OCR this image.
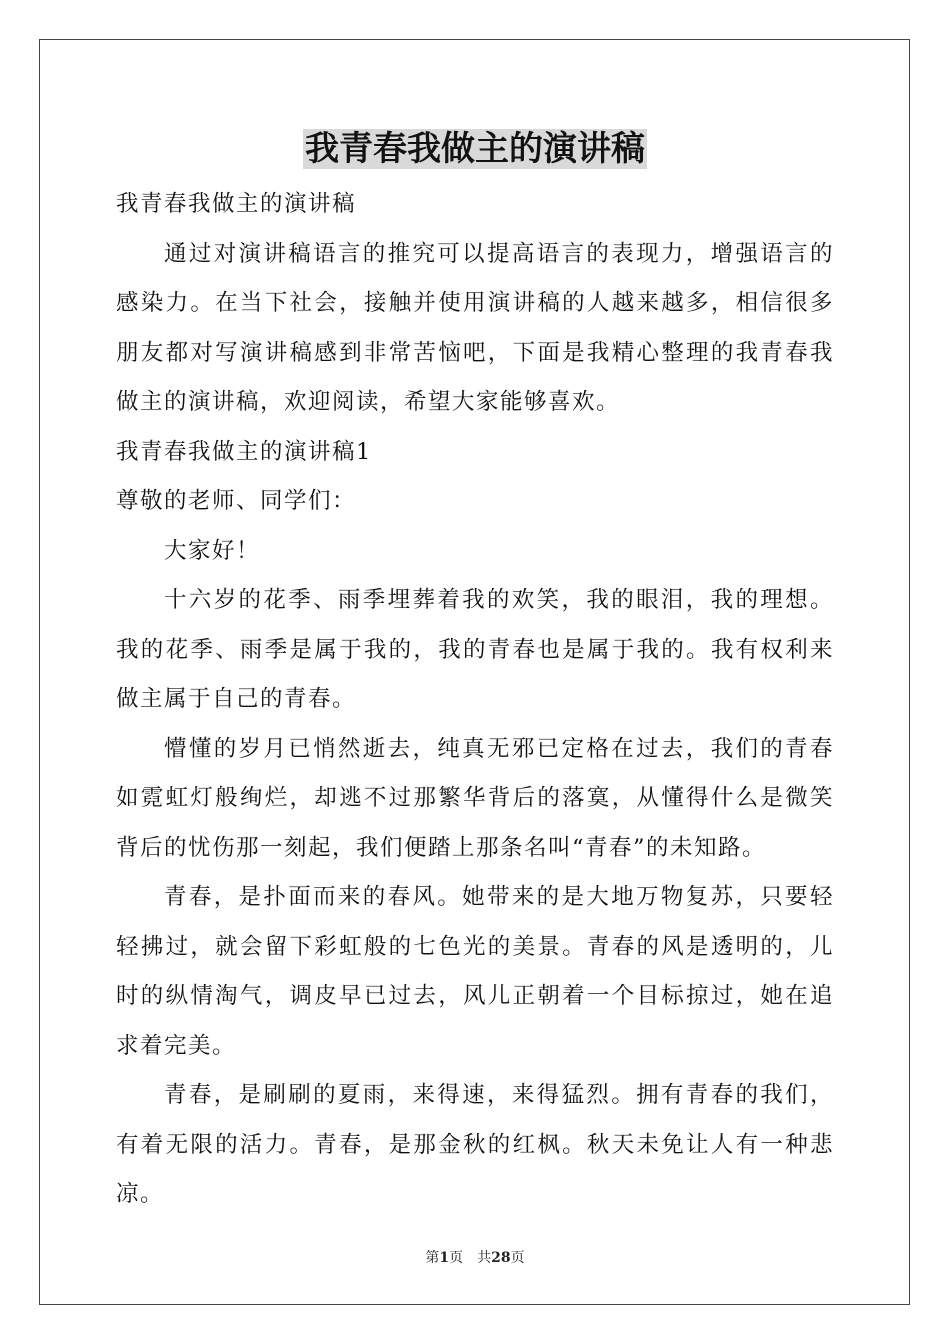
我青春我做主的演讲稿

我青春我做主的演讲稿

通过对演讲稿语言的推究可以提高语言的表现力，增强语言的感染力。在当下社会，接触并使用演讲稿的人越来越多，相信很多朋友都对写演讲稿感到非常苦恼吧，下面是我精心整理的我青春我做主的演讲稿，欢迎阅读，希望大家能够喜欢。

我青春我做主的演讲稿1

尊敬的老师、同学们：

大家好！

十六岁的花季、雨季埋葬着我的欢笑，我的眼泪，我的理想。我的花季、雨季是属于我的，我的青春也是属于我的。我有权利来做主属于自己的青春。

懵懂的岁月已悄然逝去，纯真无邪已定格在过去，我们的青春如霓虹灯般绚烂，却逃不过那繁华背后的落寞，从懂得什么是微笑背后的忧伤那一刻起，我们便踏上那条名叫“青春”的未知路。

青春，是扑面而来的春风。她带来的是大地万物复苏，只要轻轻拂过，就会留下彩虹般的七色光的美景。青春的风是透明的，儿时的纵情淘气，调皮早已过去，风儿正朝着一个目标掠过，她在追求着完美。

青春，是刷刷的夏雨，来得速，来得猛烈。拥有青春的我们，有着无限的活力。青春，是那金秋的红枫。秋天未免让人有一种悲凉。

第1页　共28页
